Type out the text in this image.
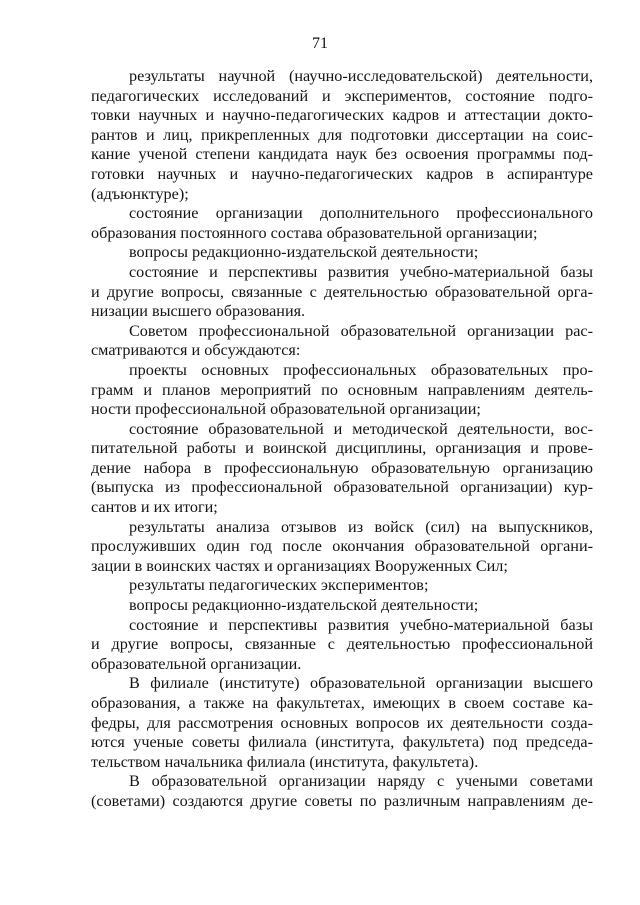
71

результаты научной (научно-исследовательской) деятельности,
педагогических исследований и экспериментов, состояние подго-
товки научных и научно-педагогических кадров и аттестации докто-
рантов и лиц, прикрепленных для подготовки диссертации на соис-
кание ученой степени кандидата наук без освоения программы под-
готовки научных и научно-педагогических кадров в аспирантуре
(адъюнктуре);

состояние организации дополнительного профессионального
образования постоянного состава образовательной организации;

вопросы редакционно-издательской деятельности;

состояние и перспективы развития учебно-материальной базы
и другие вопросы, связанные с деятельностью образовательной орга-
низации высшего образования.

Советом профессиональной образовательной организации рас-
сматриваются и обсуждаются:

проекты основных профессиональных образовательных про-
грамм и планов мероприятий по основным направлениям деятель-
ности профессиональной образовательной организации;

состояние образовательной и методической деятельности, вос-
питательной работы и воинской дисциплины, организация и прове-
дение набора в профессиональную образовательную организацию
(выпуска из профессиональной образовательной организации) кур-
сантов и их итоги;

результаты анализа отзывов из войск (сил) на выпускников,
прослуживших один год после окончания образовательной органи-
зации в воинских частях и организациях Вооруженных Сил;

результаты педагогических экспериментов;

вопросы редакционно-издательской деятельности;

состояние и перспективы развития учебно-материальной базы
и другие вопросы, связанные с деятельностью профессиональной
образовательной организации.

В филиале (институте) образовательной организации высшего
образования, а также на факультетах, имеющих в своем составе ка-
федры, для рассмотрения основных вопросов их деятельности созда-
ются ученые советы филиала (института, факультета) под председа-
тельством начальника филиала (института, факультета).

В образовательной организации наряду с учеными советами
(советами) создаются другие советы по различным направлениям де-
